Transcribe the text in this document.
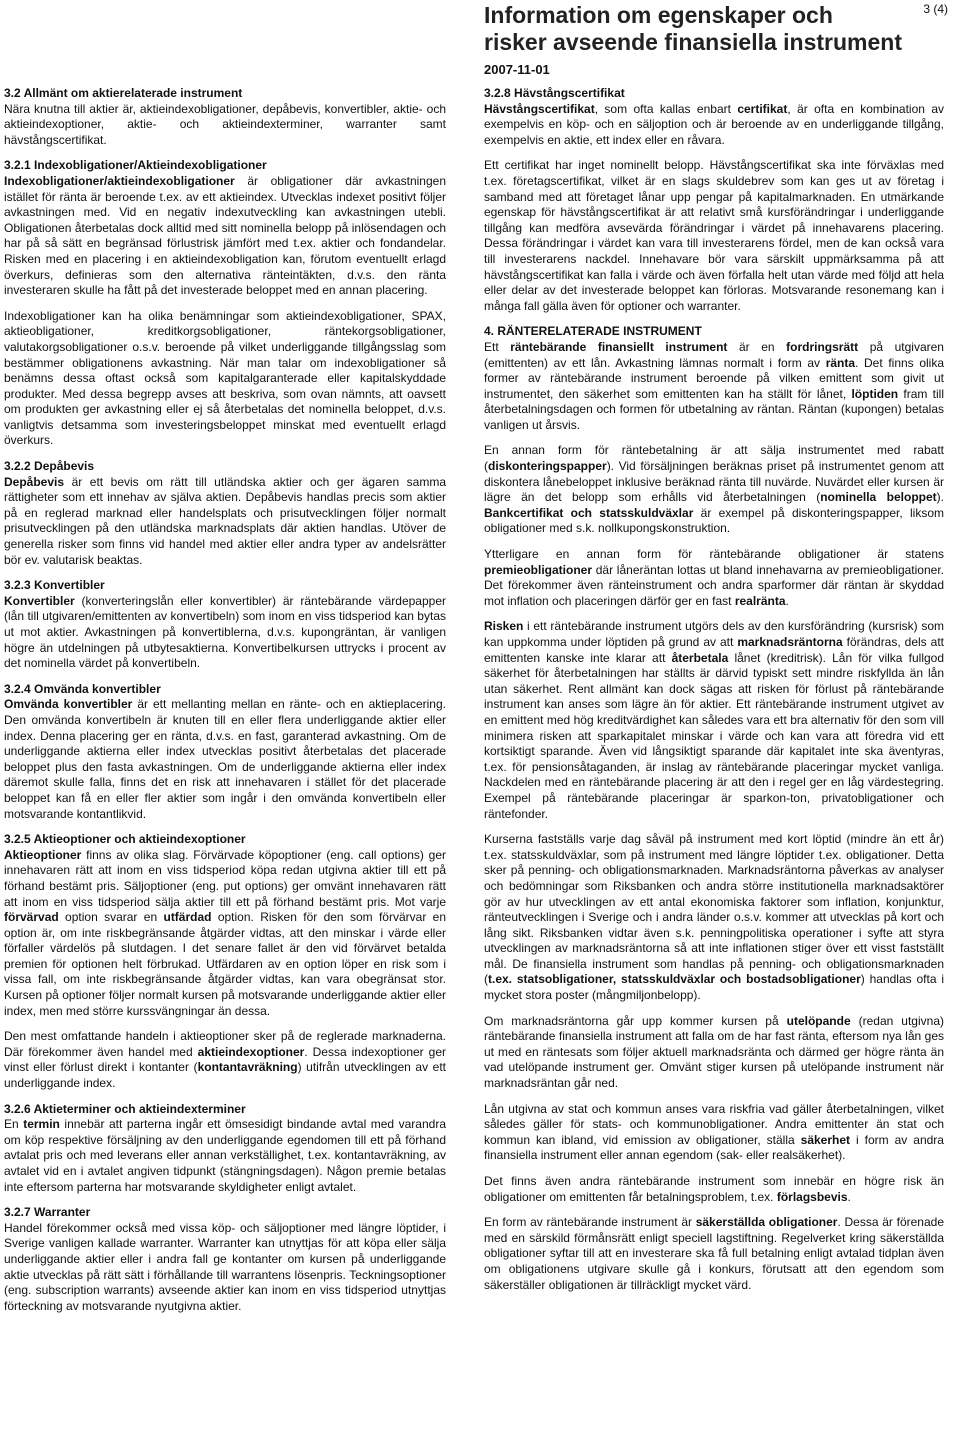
Information om egenskaper och
risker avseende finansiella instrument
3 (4)
2007-11-01
3.2 Allmänt om aktierelaterade instrument

Nära knutna till aktier är, aktieindexobligationer, depåbevis, konvertibler, aktie- och aktieindexoptioner, aktie- och aktieindexterminer, warranter samt hävstångscertifikat.

3.2.1 Indexobligationer/Aktieindexobligationer

Indexobligationer/aktieindexobligationer är obligationer där avkastningen istället för ränta är beroende t.ex. av ett aktieindex. Utvecklas indexet positivt följer avkastningen med. Vid en negativ indexutveckling kan avkastningen utebli. Obligationen återbetalas dock alltid med sitt nominella belopp på inlösendagen och har på så sätt en begränsad förlustrisk jämfört med t.ex. aktier och fondandelar. Risken med en placering i en aktieindexobligation kan, förutom eventuellt erlagd överkurs, definieras som den alternativa ränteintäkten, d.v.s. den ränta investeraren skulle ha fått på det investerade beloppet med en annan placering.

Indexobligationer kan ha olika benämningar som aktieindexobligationer, SPAX, aktieobligationer, kreditkorgsobligationer, räntekorgsobligationer, valutakorgsobligationer o.s.v. beroende på vilket underliggande tillgångsslag som bestämmer obligationens avkastning. När man talar om indexobligationer så benämns dessa oftast också som kapitalgaranterade eller kapitalskyddade produkter. Med dessa begrepp avses att beskriva, som ovan nämnts, att oavsett om produkten ger avkastning eller ej så återbetalas det nominella beloppet, d.v.s. vanligtvis detsamma som investeringsbeloppet minskat med eventuellt erlagd överkurs.

3.2.2 Depåbevis

Depåbevis är ett bevis om rätt till utländska aktier och ger ägaren samma rättigheter som ett innehav av själva aktien. Depåbevis handlas precis som aktier på en reglerad marknad eller handelsplats och prisutvecklingen följer normalt prisutvecklingen på den utländska marknadsplats där aktien handlas. Utöver de generella risker som finns vid handel med aktier eller andra typer av andelsrätter bör ev. valutarisk beaktas.

3.2.3 Konvertibler

Konvertibler (konverteringslån eller konvertibler) är räntebärande värdepapper (lån till utgivaren/emittenten av konvertibeln) som inom en viss tidsperiod kan bytas ut mot aktier. Avkastningen på konvertiblerna, d.v.s. kupongräntan, är vanligen högre än utdelningen på utbytesaktierna. Konvertibelkursen uttrycks i procent av det nominella värdet på konvertibeln.

3.2.4 Omvända konvertibler

Omvända konvertibler är ett mellanting mellan en ränte- och en aktieplacering. Den omvända konvertibeln är knuten till en eller flera underliggande aktier eller index. Denna placering ger en ränta, d.v.s. en fast, garanterad avkastning. Om de underliggande aktierna eller index utvecklas positivt återbetalas det placerade beloppet plus den fasta avkastningen. Om de underliggande aktierna eller index däremot skulle falla, finns det en risk att innehavaren i stället för det placerade beloppet kan få en eller fler aktier som ingår i den omvända konvertibeln eller motsvarande kontantlikvid.

3.2.5 Aktieoptioner och aktieindexoptioner

Aktieoptioner finns av olika slag. Förvärvade köpoptioner (eng. call options) ger innehavaren rätt att inom en viss tidsperiod köpa redan utgivna aktier till ett på förhand bestämt pris. Säljoptioner (eng. put options) ger omvänt innehavaren rätt att inom en viss tidsperiod sälja aktier till ett på förhand bestämt pris. Mot varje förvärvad option svarar en utfärdad option. Risken för den som förvärvar en option är, om inte riskbegränsande åtgärder vidtas, att den minskar i värde eller förfaller värdelös på slutdagen. I det senare fallet är den vid förvärvet betalda premien för optionen helt förbrukad. Utfärdaren av en option löper en risk som i vissa fall, om inte riskbegränsande åtgärder vidtas, kan vara obegränsat stor. Kursen på optioner följer normalt kursen på motsvarande underliggande aktier eller index, men med större kurssvängningar än dessa.

Den mest omfattande handeln i aktieoptioner sker på de reglerade marknaderna. Där förekommer även handel med aktieindexoptioner. Dessa indexoptioner ger vinst eller förlust direkt i kontanter (kontantavräkning) utifrån utvecklingen av ett underliggande index.

3.2.6 Aktieterminer och aktieindexterminer

En termin innebär att parterna ingår ett ömsesidigt bindande avtal med varandra om köp respektive försäljning av den underliggande egendomen till ett på förhand avtalat pris och med leverans eller annan verkställighet, t.ex. kontantavräkning, av avtalet vid en i avtalet angiven tidpunkt (stängningsdagen). Någon premie betalas inte eftersom parterna har motsvarande skyldigheter enligt avtalet.

3.2.7 Warranter

Handel förekommer också med vissa köp- och säljoptioner med längre löptider, i Sverige vanligen kallade warranter. Warranter kan utnyttjas för att köpa eller sälja underliggande aktier eller i andra fall ge kontanter om kursen på underliggande aktie utvecklas på rätt sätt i förhållande till warrantens lösenpris. Teckningsoptioner (eng. subscription warrants) avseende aktier kan inom en viss tidsperiod utnyttjas förteckning av motsvarande nyutgivna aktier.

3.2.8 Hävstångscertifikat

Hävstångscertifikat, som ofta kallas enbart certifikat, är ofta en kombination av exempelvis en köp- och en säljoption och är beroende av en underliggande tillgång, exempelvis en aktie, ett index eller en råvara.

Ett certifikat har inget nominellt belopp. Hävstångscertifikat ska inte förväxlas med t.ex. företagscertifikat, vilket är en slags skuldebrev som kan ges ut av företag i samband med att företaget lånar upp pengar på kapitalmarknaden. En utmärkande egenskap för hävstångscertifikat är att relativt små kursförändringar i underliggande tillgång kan medföra avsevärda förändringar i värdet på innehavarens placering. Dessa förändringar i värdet kan vara till investerarens fördel, men de kan också vara till investerarens nackdel. Innehavare bör vara särskilt uppmärksamma på att hävstångscertifikat kan falla i värde och även förfalla helt utan värde med följd att hela eller delar av det investerade beloppet kan förloras. Motsvarande resonemang kan i många fall gälla även för optioner och warranter.

4. RÄNTERELATERADE INSTRUMENT

Ett räntebärande finansiellt instrument är en fordringsrätt på utgivaren (emittenten) av ett lån. Avkastning lämnas normalt i form av ränta. Det finns olika former av räntebärande instrument beroende på vilken emittent som givit ut instrumentet, den säkerhet som emittenten kan ha ställt för lånet, löptiden fram till återbetalningsdagen och formen för utbetalning av räntan. Räntan (kupongen) betalas vanligen ut årsvis.

En annan form för räntebetalning är att sälja instrumentet med rabatt (diskonteringspapper). Vid försäljningen beräknas priset på instrumentet genom att diskontera lånebeloppet inklusive beräknad ränta till nuvärde. Nuvärdet eller kursen är lägre än det belopp som erhålls vid återbetalningen (nominella beloppet). Bankcertifikat och statsskuldväxlar är exempel på diskonteringspapper, liksom obligationer med s.k. nollkupongskonstruktion.

Ytterligare en annan form för räntebärande obligationer är statens premieobligationer där låneräntan lottas ut bland innehavarna av premieobligationer. Det förekommer även ränteinstrument och andra sparformer där räntan är skyddad mot inflation och placeringen därför ger en fast realränta.

Risken i ett räntebärande instrument utgörs dels av den kursförändring (kursrisk) som kan uppkomma under löptiden på grund av att marknadsräntorna förändras, dels att emittenten kanske inte klarar att återbetala lånet (kreditrisk). Lån för vilka fullgod säkerhet för återbetalningen har ställts är därvid typiskt sett mindre riskfyllda än lån utan säkerhet. Rent allmänt kan dock sägas att risken för förlust på räntebärande instrument kan anses som lägre än för aktier. Ett räntebärande instrument utgivet av en emittent med hög kreditvärdighet kan således vara ett bra alternativ för den som vill minimera risken att sparkapitalet minskar i värde och kan vara att föredra vid ett kortsiktigt sparande. Även vid långsiktigt sparande där kapitalet inte ska äventyras, t.ex. för pensionsåtaganden, är inslag av räntebärande placeringar mycket vanliga. Nackdelen med en räntebärande placering är att den i regel ger en låg värdestegring. Exempel på räntebärande placeringar är sparkon-ton, privatobligationer och räntefonder.

Kurserna fastställs varje dag såväl på instrument med kort löptid (mindre än ett år) t.ex. statsskuldväxlar, som på instrument med längre löptider t.ex. obligationer. Detta sker på penning- och obligationsmarknaden. Marknadsräntorna påverkas av analyser och bedömningar som Riksbanken och andra större institutionella marknadsaktörer gör av hur utvecklingen av ett antal ekonomiska faktorer som inflation, konjunktur, ränteutvecklingen i Sverige och i andra länder o.s.v. kommer att utvecklas på kort och lång sikt. Riksbanken vidtar även s.k. penningpolitiska operationer i syfte att styra utvecklingen av marknadsräntorna så att inte inflationen stiger över ett visst fastställt mål. De finansiella instrument som handlas på penning- och obligationsmarknaden (t.ex. statsobligationer, statsskuldväxlar och bostadsobligationer) handlas ofta i mycket stora poster (mångmiljonbelopp).

Om marknadsräntorna går upp kommer kursen på utelöpande (redan utgivna) räntebärande finansiella instrument att falla om de har fast ränta, eftersom nya lån ges ut med en räntesats som följer aktuell marknadsränta och därmed ger högre ränta än vad utelöpande instrument ger. Omvänt stiger kursen på utelöpande instrument när marknadsräntan går ned.

Lån utgivna av stat och kommun anses vara riskfria vad gäller återbetalningen, vilket således gäller för stats- och kommunobligationer. Andra emittenter än stat och kommun kan ibland, vid emission av obligationer, ställa säkerhet i form av andra finansiella instrument eller annan egendom (sak- eller realsäkerhet).

Det finns även andra räntebärande instrument som innebär en högre risk än obligationer om emittenten får betalningsproblem, t.ex. förlagsbevis.

En form av räntebärande instrument är säkerställda obligationer. Dessa är förenade med en särskild förmånsrätt enligt speciell lagstiftning. Regelverket kring säkerställda obligationer syftar till att en investerare ska få full betalning enligt avtalad tidplan även om obligationens utgivare skulle gå i konkurs, förutsatt att den egendom som säkerställer obligationen är tillräckligt mycket värd.
